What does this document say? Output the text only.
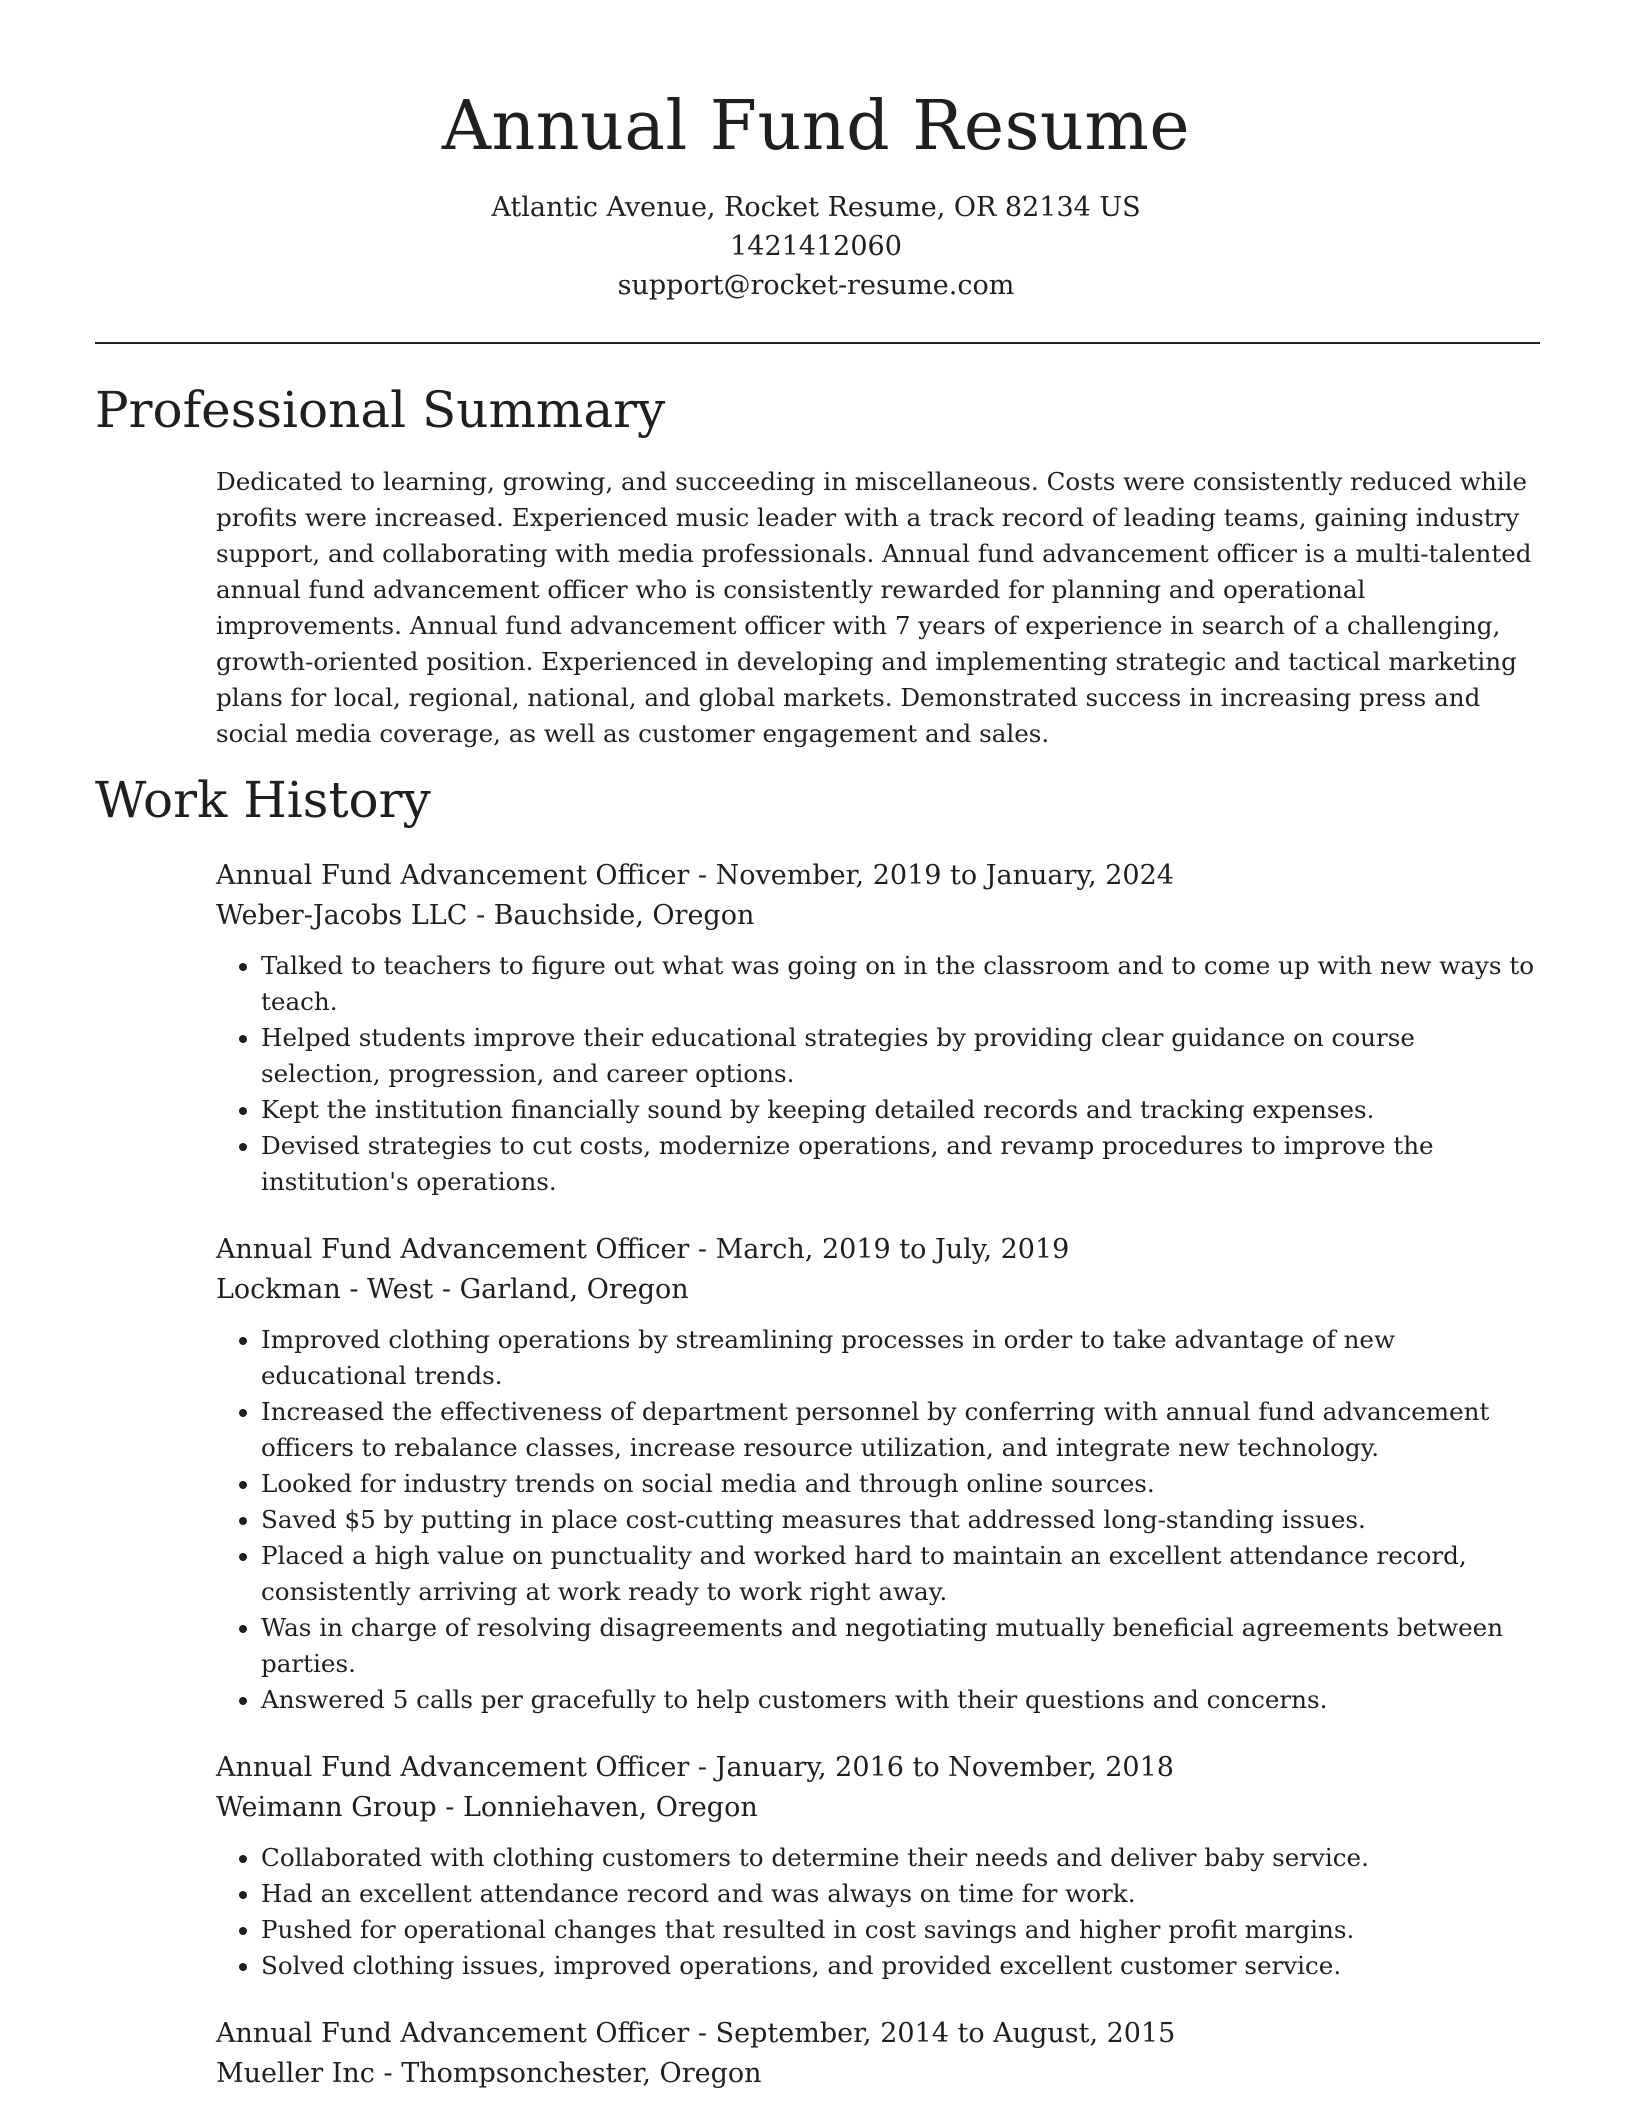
Annual Fund Resume
Atlantic Avenue, Rocket Resume, OR 82134 US
1421412060
support@rocket-resume.com
Professional Summary

Dedicated to learning, growing, and succeeding in miscellaneous. Costs were consistently reduced while profits were increased. Experienced music leader with a track record of leading teams, gaining industry support, and collaborating with media professionals. Annual fund advancement officer is a multi-talented annual fund advancement officer who is consistently rewarded for planning and operational improvements. Annual fund advancement officer with 7 years of experience in search of a challenging, growth-oriented position. Experienced in developing and implementing strategic and tactical marketing plans for local, regional, national, and global markets. Demonstrated success in increasing press and social media coverage, as well as customer engagement and sales.

Work History
Annual Fund Advancement Officer - November, 2019 to January, 2024
Weber-Jacobs LLC - Bauchside, Oregon
• Talked to teachers to figure out what was going on in the classroom and to come up with new ways to teach.
• Helped students improve their educational strategies by providing clear guidance on course selection, progression, and career options.
• Kept the institution financially sound by keeping detailed records and tracking expenses.
• Devised strategies to cut costs, modernize operations, and revamp procedures to improve the institution's operations.
Annual Fund Advancement Officer - March, 2019 to July, 2019
Lockman - West - Garland, Oregon
• Improved clothing operations by streamlining processes in order to take advantage of new educational trends.
• Increased the effectiveness of department personnel by conferring with annual fund advancement officers to rebalance classes, increase resource utilization, and integrate new technology.
• Looked for industry trends on social media and through online sources.
• Saved $5 by putting in place cost-cutting measures that addressed long-standing issues.
• Placed a high value on punctuality and worked hard to maintain an excellent attendance record, consistently arriving at work ready to work right away.
• Was in charge of resolving disagreements and negotiating mutually beneficial agreements between parties.
• Answered 5 calls per gracefully to help customers with their questions and concerns.
Annual Fund Advancement Officer - January, 2016 to November, 2018
Weimann Group - Lonniehaven, Oregon
• Collaborated with clothing customers to determine their needs and deliver baby service.
• Had an excellent attendance record and was always on time for work.
• Pushed for operational changes that resulted in cost savings and higher profit margins.
• Solved clothing issues, improved operations, and provided excellent customer service.
Annual Fund Advancement Officer - September, 2014 to August, 2015
Mueller Inc - Thompsonchester, Oregon
